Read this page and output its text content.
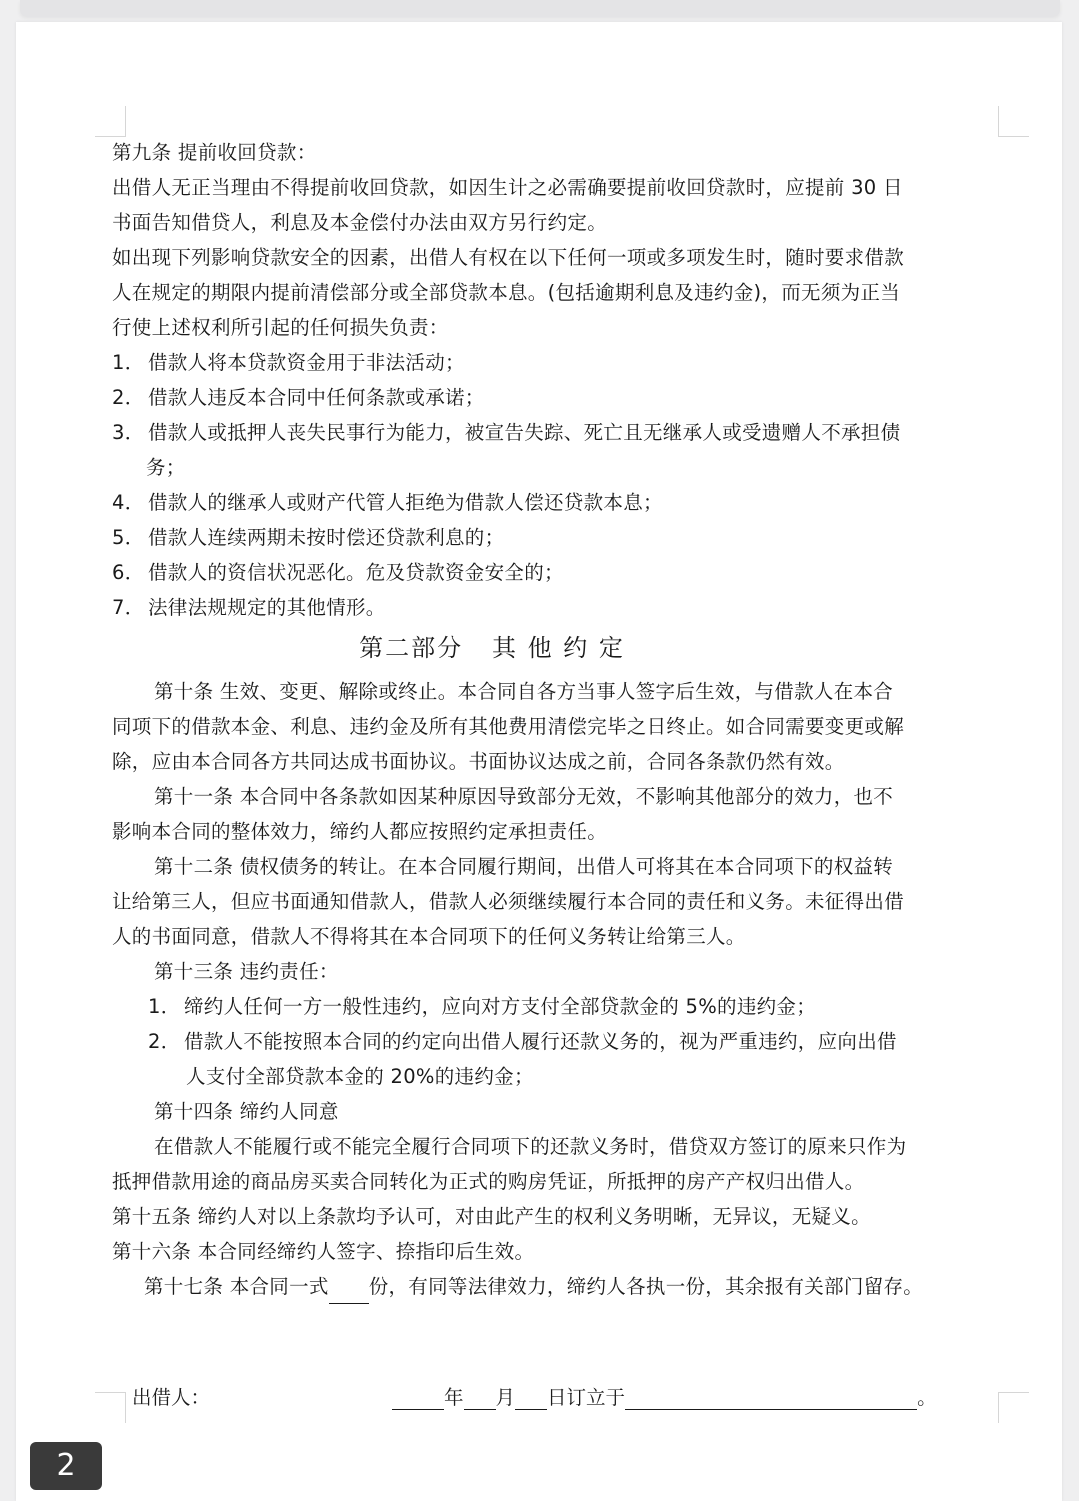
第九条 提前收回贷款：

出借人无正当理由不得提前收回贷款，如因生计之必需确要提前收回贷款时，应提前 30 日

书面告知借贷人，利息及本金偿付办法由双方另行约定。

如出现下列影响贷款安全的因素，出借人有权在以下任何一项或多项发生时，随时要求借款

人在规定的期限内提前清偿部分或全部贷款本息。(包括逾期利息及违约金)，而无须为正当

行使上述权利所引起的任何损失负责：

1． 借款人将本贷款资金用于非法活动；
2． 借款人违反本合同中任何条款或承诺；
3． 借款人或抵押人丧失民事行为能力，被宣告失踪、死亡且无继承人或受遗赠人不承担债
务；
4． 借款人的继承人或财产代管人拒绝为借款人偿还贷款本息；
5． 借款人连续两期未按时偿还贷款利息的；
6． 借款人的资信状况恶化。危及贷款资金安全的；
7． 法律法规规定的其他情形。
第二部分   其 他 约 定

第十条 生效、变更、解除或终止。本合同自各方当事人签字后生效，与借款人在本合

同项下的借款本金、利息、违约金及所有其他费用清偿完毕之日终止。如合同需要变更或解

除，应由本合同各方共同达成书面协议。书面协议达成之前，合同各条款仍然有效。

第十一条 本合同中各条款如因某种原因导致部分无效，不影响其他部分的效力，也不

影响本合同的整体效力，缔约人都应按照约定承担责任。

第十二条 债权债务的转让。在本合同履行期间，出借人可将其在本合同项下的权益转

让给第三人，但应书面通知借款人，借款人必须继续履行本合同的责任和义务。未征得出借

人的书面同意，借款人不得将其在本合同项下的任何义务转让给第三人。

第十三条 违约责任：

1． 缔约人任何一方一般性违约，应向对方支付全部贷款金的 5%的违约金；
2． 借款人不能按照本合同的约定向出借人履行还款义务的，视为严重违约，应向出借
人支付全部贷款本金的 20%的违约金；

第十四条 缔约人同意

在借款人不能履行或不能完全履行合同项下的还款义务时，借贷双方签订的原来只作为

抵押借款用途的商品房买卖合同转化为正式的购房凭证，所抵押的房产产权归出借人。

第十五条 缔约人对以上条款均予认可，对由此产生的权利义务明晰，无异议，无疑义。

第十六条 本合同经缔约人签字、捺指印后生效。

第十七条 本合同一式 份，有同等法律效力，缔约人各执一份，其余报有关部门留存。

出借人：	年 月 日订立于	。
2
